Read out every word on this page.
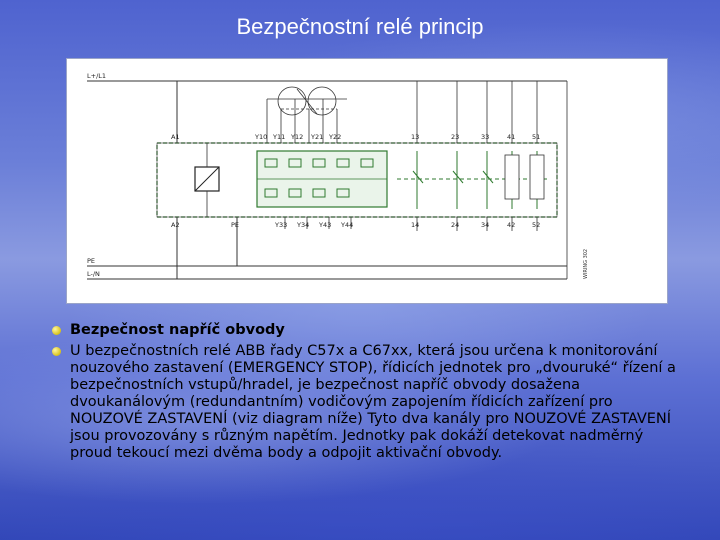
Bezpečnostní relé princip
L+/L1
PE
L-/N
A1	Y10 Y11 Y12 Y21 Y22	13	23	33	41	51
A2	PE	Y33 Y34 Y43 Y44	14	24	34	42	52
WIRING 302
Bezpečnost napříč obvody
U bezpečnostních relé ABB řady C57x a C67xx, která jsou určena k monitorování nouzového zastavení (EMERGENCY STOP), řídicích jednotek pro „dvouruké“ řízení a bezpečnostních vstupů/hradel, je bezpečnost napříč obvody dosažena dvoukanálovým (redundantním) vodičovým zapojením řídicích zařízení pro NOUZOVÉ ZASTAVENÍ (viz diagram níže) Tyto dva kanály pro NOUZOVÉ ZASTAVENÍ jsou provozovány s různým napětím. Jednotky pak dokáží detekovat nadměrný proud tekoucí mezi dvěma body a odpojit aktivační obvody.
